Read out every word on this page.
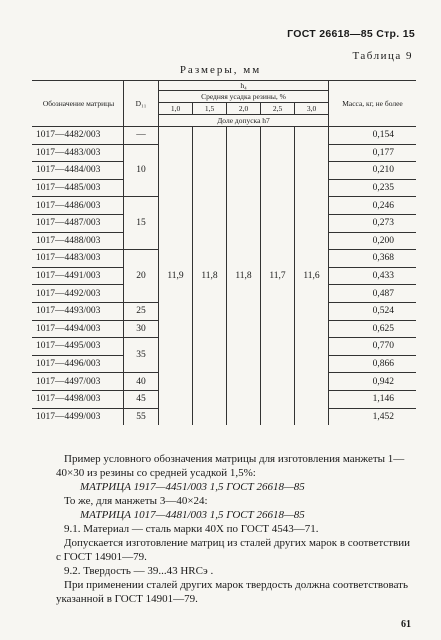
ГОСТ 26618—85 Стр. 15
Таблица 9
Размеры, мм
Обозначение матрицы	D₁₁	h₄					Масса, кг, не более
		Средняя усадка резины, %					
		1,0	1,5	2,0	2,5	3,0	
		Доле допуска h7					
1017—4482/003	—	11,9	11,8	11,8	11,7	11,6	0,154
1017—4483/003	10						0,177
1017—4484/003							0,210
1017—4485/003							0,235
1017—4486/003	15						0,246
1017—4487/003							0,273
1017—4488/003							0,200
1017—4483/003	20						0,368
1017—4491/003							0,433
1017—4492/003							0,487
1017—4493/003	25						0,524
1017—4494/003	30						0,625
1017—4495/003	35						0,770
1017—4496/003							0,866
1017—4497/003	40						0,942
1017—4498/003	45						1,146
1017—4499/003	55						1,452
Пример условного обозначения матрицы для изготовления манжеты 1—40×30 из резины со средней усадкой 1,5%:
МАТРИЦА 1917—4451/003 1,5 ГОСТ 26618—85
То же, для манжеты 3—40×24:
МАТРИЦА 1017—4481/003 1,5 ГОСТ 26618—85
9.1. Материал — сталь марки 40Х по ГОСТ 4543—71.
Допускается изготовление матриц из сталей других марок в соответствии с ГОСТ 14901—79.
9.2. Твердость — 39...43 HRCэ .
При применении сталей других марок твердость должна соответствовать указанной в ГОСТ 14901—79.
61
